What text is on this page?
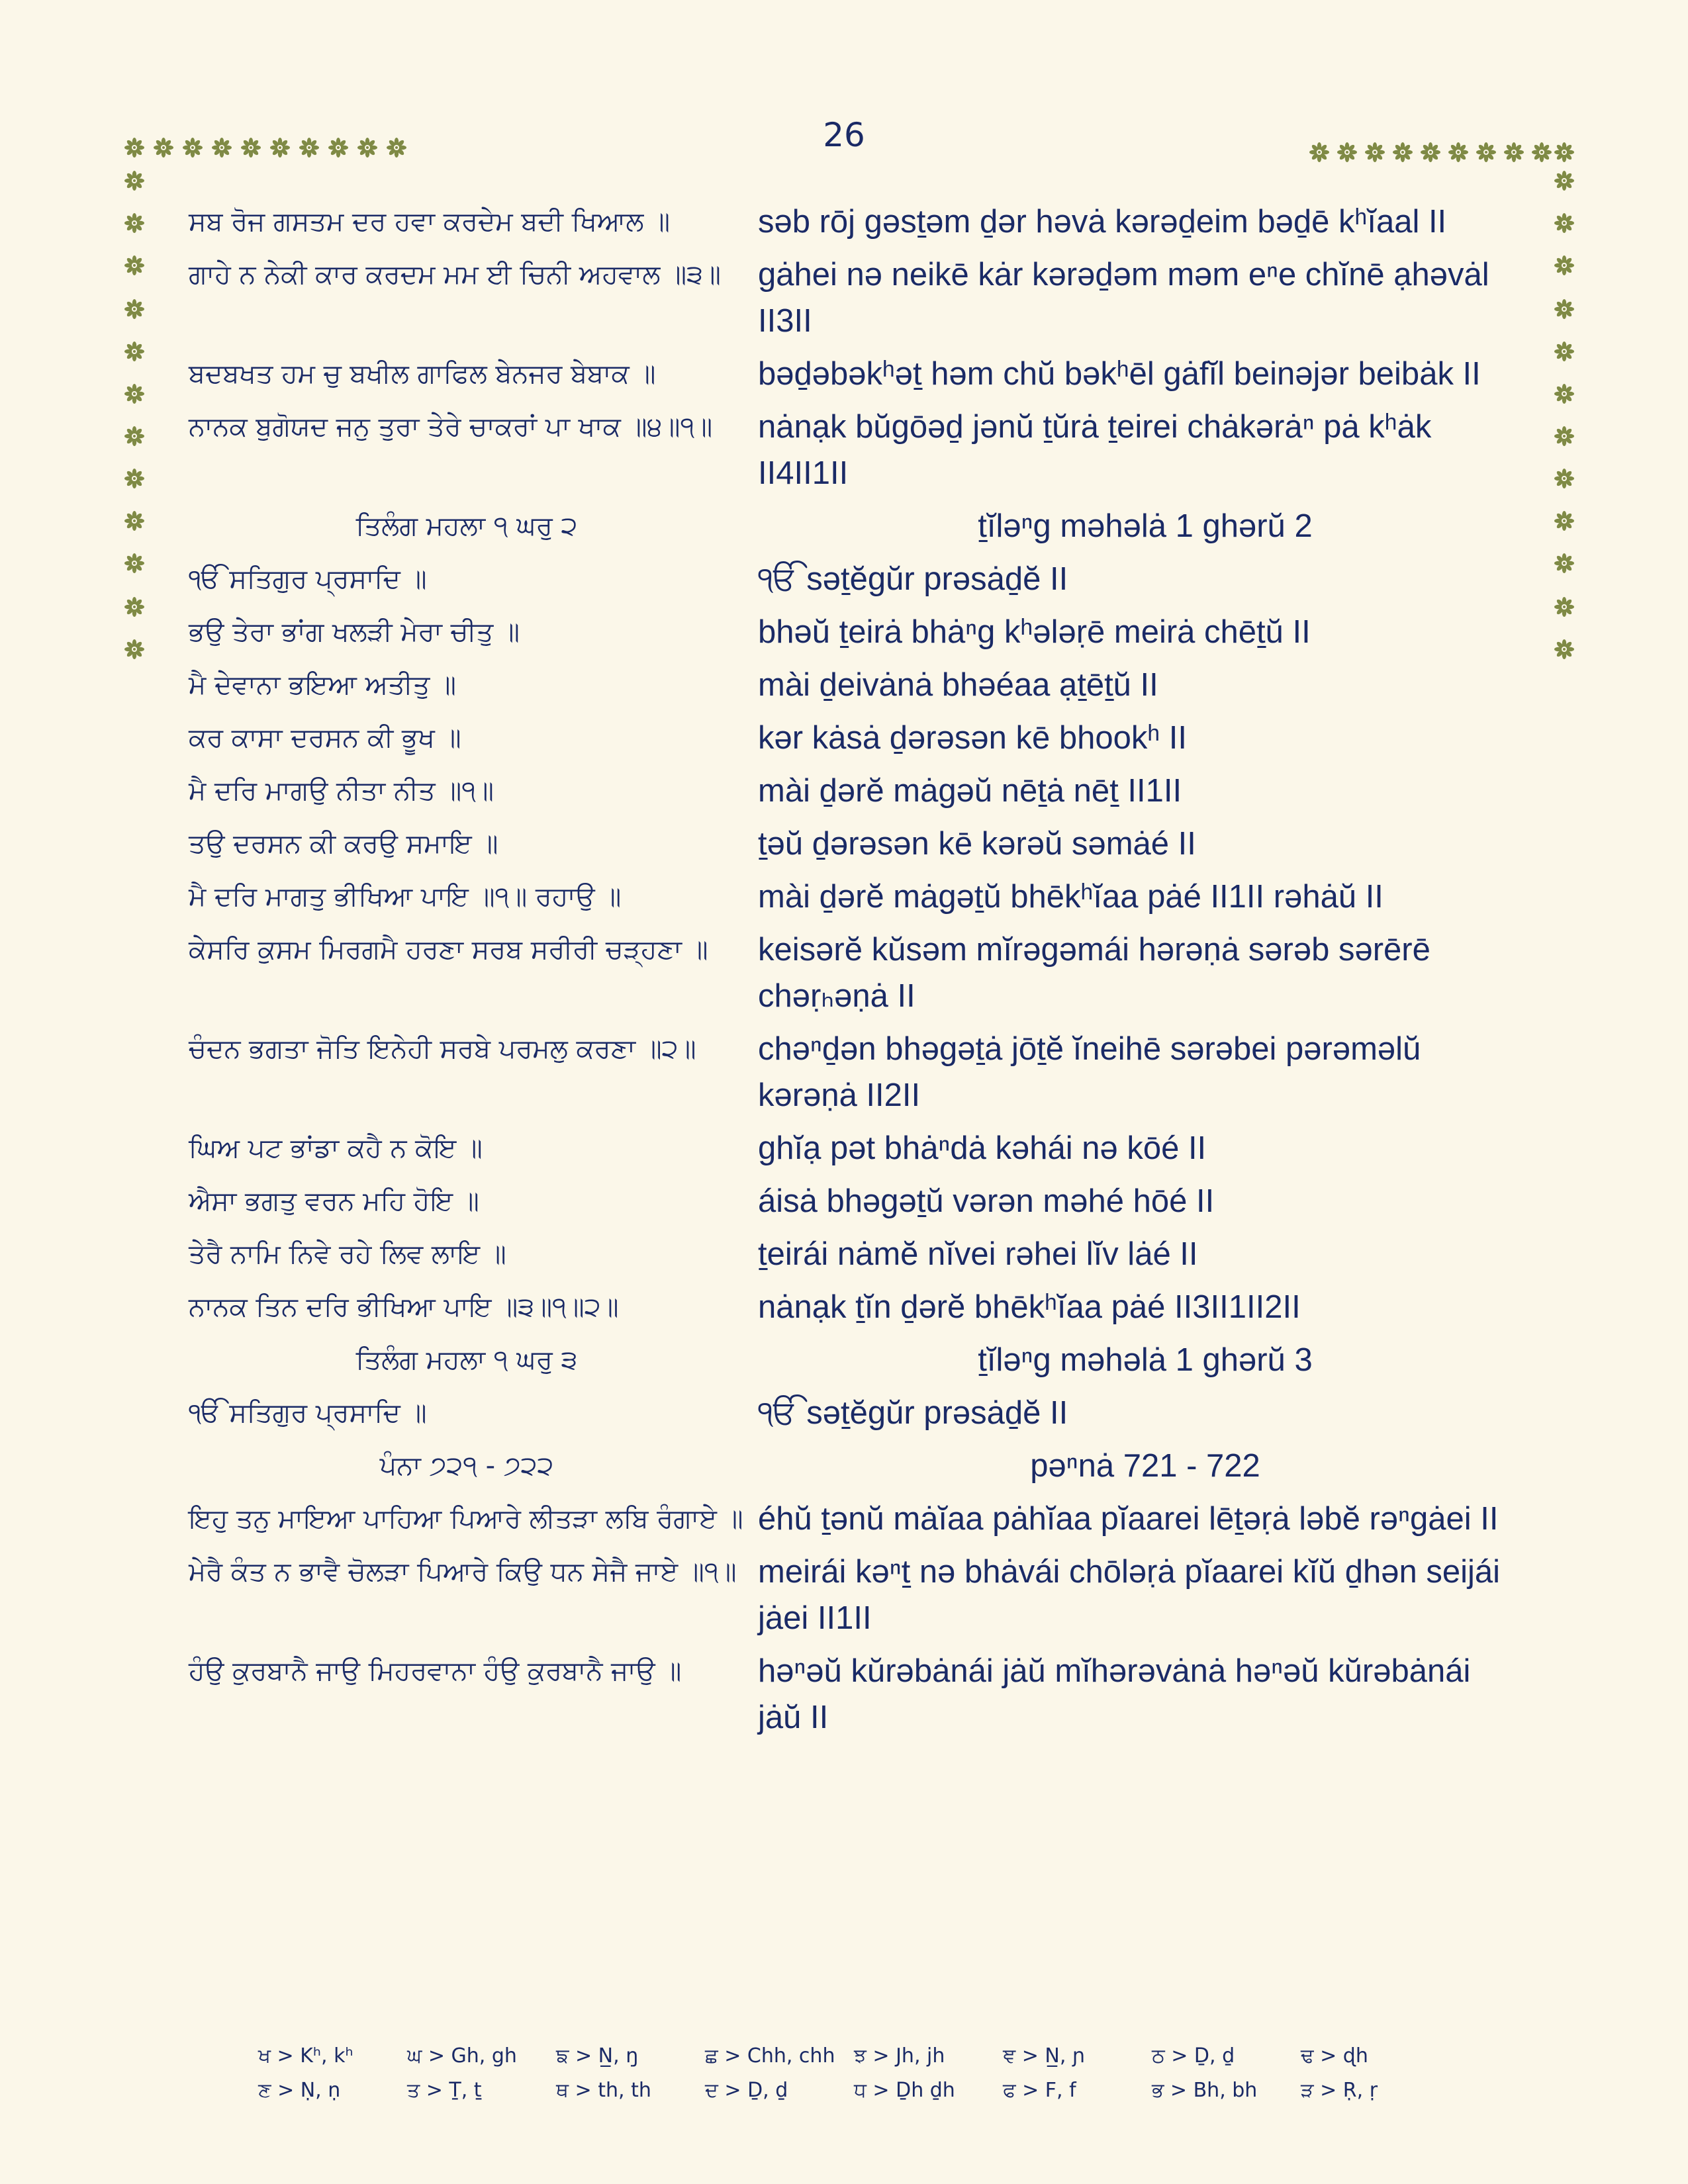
26
ਸਬ ਰੋਜ ਗਸਤਮ ਦਰ ਹਵਾ ਕਰਦੇਮ ਬਦੀ ਖਿਆਲ ॥	səb rōj gəsṯəm ḏər həvȧ kərəḏeim bəḏē kʰĭaal II
ਗਾਹੇ ਨ ਨੇਕੀ ਕਾਰ ਕਰਦਮ ਮਮ ਈ ਚਿਨੀ ਅਹਵਾਲ ॥੩॥	gȧhei nə neikē kȧr kərəḏəm məm eⁿe chĭnē ạhəvȧl II3II
ਬਦਬਖਤ ਹਮ ਚੁ ਬਖੀਲ ਗਾਫਿਲ ਬੇਨਜਰ ਬੇਬਾਕ ॥	bəḏəbəkʰəṯ həm chŭ bəkʰēl gȧfĭl beinəjər beibȧk II
ਨਾਨਕ ਬੁਗੋਯਦ ਜਨੁ ਤੁਰਾ ਤੇਰੇ ਚਾਕਰਾਂ ਪਾ ਖਾਕ ॥੪॥੧॥	nȧnạk bŭgōəḏ jənŭ ṯŭrȧ ṯeirei chȧkərȧⁿ pȧ kʰȧk II4II1II
ਤਿਲੰਗ ਮਹਲਾ ੧ ਘਰੁ ੨	ṯĭləⁿg məhəlȧ 1 ghərŭ 2
ੴ ਸਤਿਗੁਰ ਪ੍ਰਸਾਦਿ ॥	ੴ səṯĕgŭr prəsȧḏĕ II
ਭਉ ਤੇਰਾ ਭਾਂਗ ਖਲੜੀ ਮੇਰਾ ਚੀਤੁ ॥	bhəŭ ṯeirȧ bhȧⁿg kʰələṛē meirȧ chēṯŭ II
ਮੈ ਦੇਵਾਨਾ ਭਇਆ ਅਤੀਤੁ ॥	mài ḏeivȧnȧ bhəéaa ạṯēṯŭ II
ਕਰ ਕਾਸਾ ਦਰਸਨ ਕੀ ਭੂਖ ॥	kər kȧsȧ ḏərəsən kē bhookʰ II
ਮੈ ਦਰਿ ਮਾਗਉ ਨੀਤਾ ਨੀਤ ॥੧॥	mài ḏərĕ mȧgəŭ nēṯȧ nēṯ II1II
ਤਉ ਦਰਸਨ ਕੀ ਕਰਉ ਸਮਾਇ ॥	ṯəŭ ḏərəsən kē kərəŭ səmȧé II
ਮੈ ਦਰਿ ਮਾਗਤੁ ਭੀਖਿਆ ਪਾਇ ॥੧॥ ਰਹਾਉ ॥	mài ḏərĕ mȧgəṯŭ bhēkʰĭaa pȧé II1II rəhȧŭ II
ਕੇਸਰਿ ਕੁਸਮ ਮਿਰਗਮੈ ਹਰਣਾ ਸਰਬ ਸਰੀਰੀ ਚੜ੍ਹਣਾ ॥	keisərĕ kŭsəm mĭrəgəmái hərəṇȧ sərəb sərērē chəṛₕəṇȧ II
ਚੰਦਨ ਭਗਤਾ ਜੋਤਿ ਇਨੇਹੀ ਸਰਬੇ ਪਰਮਲੁ ਕਰਣਾ ॥੨॥	chəⁿḏən bhəgəṯȧ jōṯĕ ĭneihē sərəbei pərəməlŭ kərəṇȧ II2II
ਘਿਅ ਪਟ ਭਾਂਡਾ ਕਹੈ ਨ ਕੋਇ ॥	ghĭạ pət bhȧⁿdȧ kəhái nə kōé II
ਐਸਾ ਭਗਤੁ ਵਰਨ ਮਹਿ ਹੋਇ ॥	áisȧ bhəgəṯŭ vərən məhé hōé II
ਤੇਰੈ ਨਾਮਿ ਨਿਵੇ ਰਹੇ ਲਿਵ ਲਾਇ ॥	ṯeirái nȧmĕ nĭvei rəhei lĭv lȧé II
ਨਾਨਕ ਤਿਨ ਦਰਿ ਭੀਖਿਆ ਪਾਇ ॥੩॥੧॥੨॥	nȧnạk ṯĭn ḏərĕ bhēkʰĭaa pȧé II3II1II2II
ਤਿਲੰਗ ਮਹਲਾ ੧ ਘਰੁ ੩	ṯĭləⁿg məhəlȧ 1 ghərŭ 3
ੴ ਸਤਿਗੁਰ ਪ੍ਰਸਾਦਿ ॥	ੴ səṯĕgŭr prəsȧḏĕ II
ਪੰਨਾ ੭੨੧ - ੭੨੨	pəⁿnȧ 721 - 722
ਇਹੁ ਤਨੁ ਮਾਇਆ ਪਾਹਿਆ ਪਿਆਰੇ ਲੀਤੜਾ ਲਬਿ ਰੰਗਾਏ ॥ éhŭ ṯənŭ mȧĭaa pȧhĭaa pĭaarei lēṯəṛȧ ləbĕ rəⁿgȧei II
ਮੇਰੈ ਕੰਤ ਨ ਭਾਵੈ ਚੋਲੜਾ ਪਿਆਰੇ ਕਿਉ ਧਨ ਸੇਜੈ ਜਾਏ ॥੧॥ meirái kəⁿṯ nə bhȧvái chōləṛȧ pĭaarei kĭŭ ḏhən seijái jȧei II1II
ਹੰਉ ਕੁਰਬਾਨੈ ਜਾਉ ਮਿਹਰਵਾਨਾ ਹੰਉ ਕੁਰਬਾਨੈ ਜਾਉ ॥	həⁿəŭ kŭrəbȧnái jȧŭ mĭhərəvȧnȧ həⁿəŭ kŭrəbȧnái jȧŭ II
ਖ > Kʰ, kʰ	ਘ > Gh, gh	ਙ > N̲, ŋ	ਛ > Chh, chh ਝ > Jh, jh	ਞ > N̲, ɲ	ਠ > Ḏ, ḏ	ਢ > ɖh
ਣ > Ṇ, ṇ	ਤ > Ṯ, ṯ	ਥ > th, th	ਦ > Ḏ, ḏ	ਧ > Ḏh ḏh	ਫ > F, f	ਭ > Bh, bh	ੜ > Ṛ, ṛ
